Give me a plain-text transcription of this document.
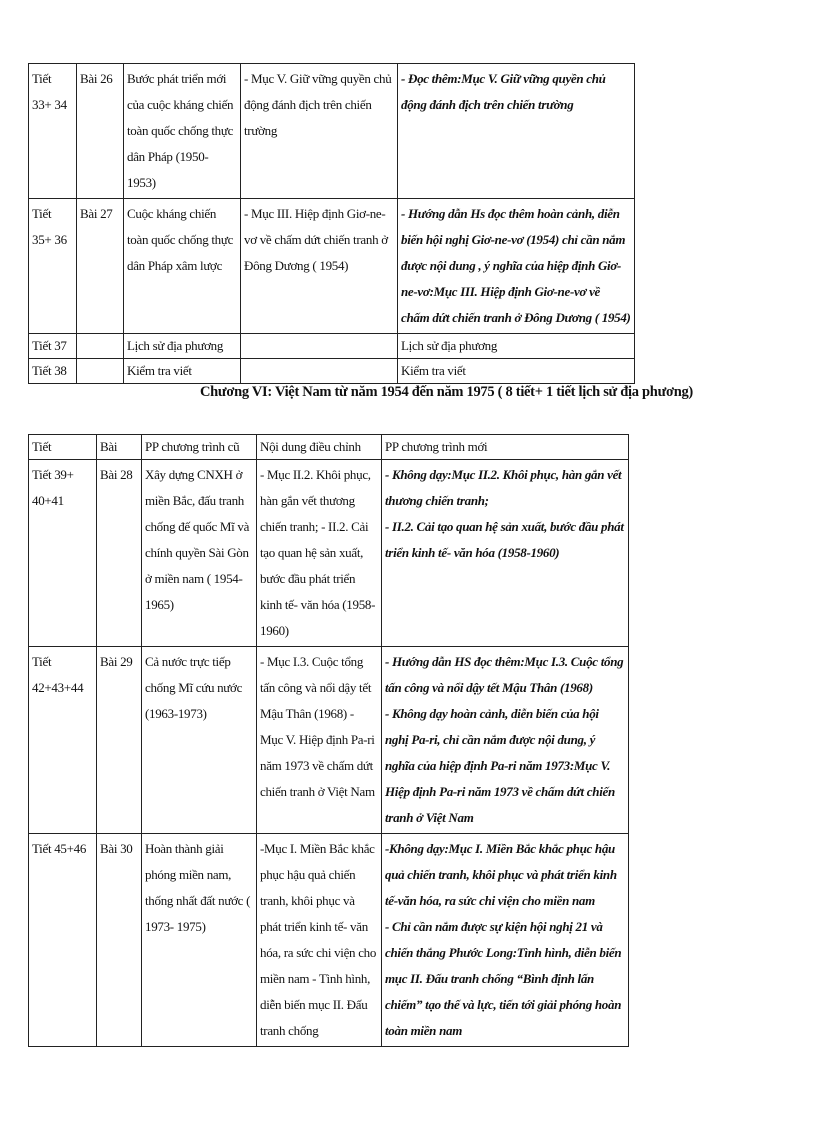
Tiết 33+ 34	Bài 26	Bước phát triển mới của cuộc kháng chiến toàn quốc chống thực dân Pháp (1950-1953)	- Mục V. Giữ vững quyền chủ động đánh địch trên chiến trường	- Đọc thêm:Mục V. Giữ vững quyền chủ động đánh địch trên chiến trường
Tiết 35+ 36	Bài 27	Cuộc kháng chiến toàn quốc chống thực dân Pháp xâm lược	- Mục III. Hiệp định Giơ-ne-vơ về chấm dứt chiến tranh ở Đông Dương ( 1954)	- Hướng dẫn Hs đọc thêm hoàn cảnh, diễn biến hội nghị Giơ-ne-vơ (1954) chỉ cần nắm được nội dung , ý nghĩa của hiệp định Giơ-ne-vơ:Mục III. Hiệp định Giơ-ne-vơ về chấm dứt chiến tranh ở Đông Dương ( 1954)
Tiết 37		Lịch sử địa phương		Lịch sử địa phương
Tiết 38		Kiểm tra viết		Kiểm tra viết
Chương VI: Việt Nam từ năm 1954 đến năm 1975 ( 8 tiết+ 1 tiết lịch sử địa phương)
Tiết	Bài	PP chương trình cũ	Nội dung điều chỉnh	PP chương trình mới
Tiết 39+ 40+41	Bài 28	Xây dựng CNXH ở miền Bắc, đấu tranh chống đế quốc Mĩ và chính quyền Sài Gòn ở miền nam ( 1954-1965)	- Mục II.2. Khôi phục, hàn gắn vết thương chiến tranh; - II.2. Cải tạo quan hệ sản xuất, bước đầu phát triển kinh tế- văn hóa (1958-1960)	- Không dạy:Mục II.2. Khôi phục, hàn gắn vết thương chiến tranh;
- II.2. Cải tạo quan hệ sản xuất, bước đầu phát triển kinh tế- văn hóa (1958-1960)

Tiết 42+43+44	Bài 29	Cả nước trực tiếp chống Mĩ cứu nước (1963-1973)	- Mục I.3. Cuộc tổng tấn công và nổi dậy tết Mậu Thân (1968) - Mục V. Hiệp định Pa-ri năm 1973 về chấm dứt chiến tranh ở Việt Nam	- Hướng dẫn HS đọc thêm:Mục I.3. Cuộc tổng tấn công và nổi dậy tết Mậu Thân (1968)
- Không dạy hoàn cảnh, diễn biến của hội nghị Pa-ri, chỉ cần nắm được nội dung, ý nghĩa của hiệp định Pa-ri năm 1973:Mục V. Hiệp định Pa-ri năm 1973 về chấm dứt chiến tranh ở Việt Nam

Tiết 45+46	Bài 30	Hoàn thành giải phóng miền nam, thống nhất đất nước ( 1973- 1975)	-Mục I. Miền Bắc khắc phục hậu quả chiến tranh, khôi phục và phát triển kinh tế- văn hóa, ra sức chi viện cho miền nam - Tình hình, diễn biến mục II. Đấu tranh chống	-Không dạy:Mục I. Miền Bắc khắc phục hậu quả chiến tranh, khôi phục và phát triển kinh tế-văn hóa, ra sức chi viện cho miền nam
- Chỉ cần nắm được sự kiện hội nghị 21 và chiến thắng Phước Long:Tình hình, diễn biến mục II. Đấu tranh chống “Bình định lấn chiếm” tạo thế và lực, tiến tới giải phóng hoàn toàn miền nam
